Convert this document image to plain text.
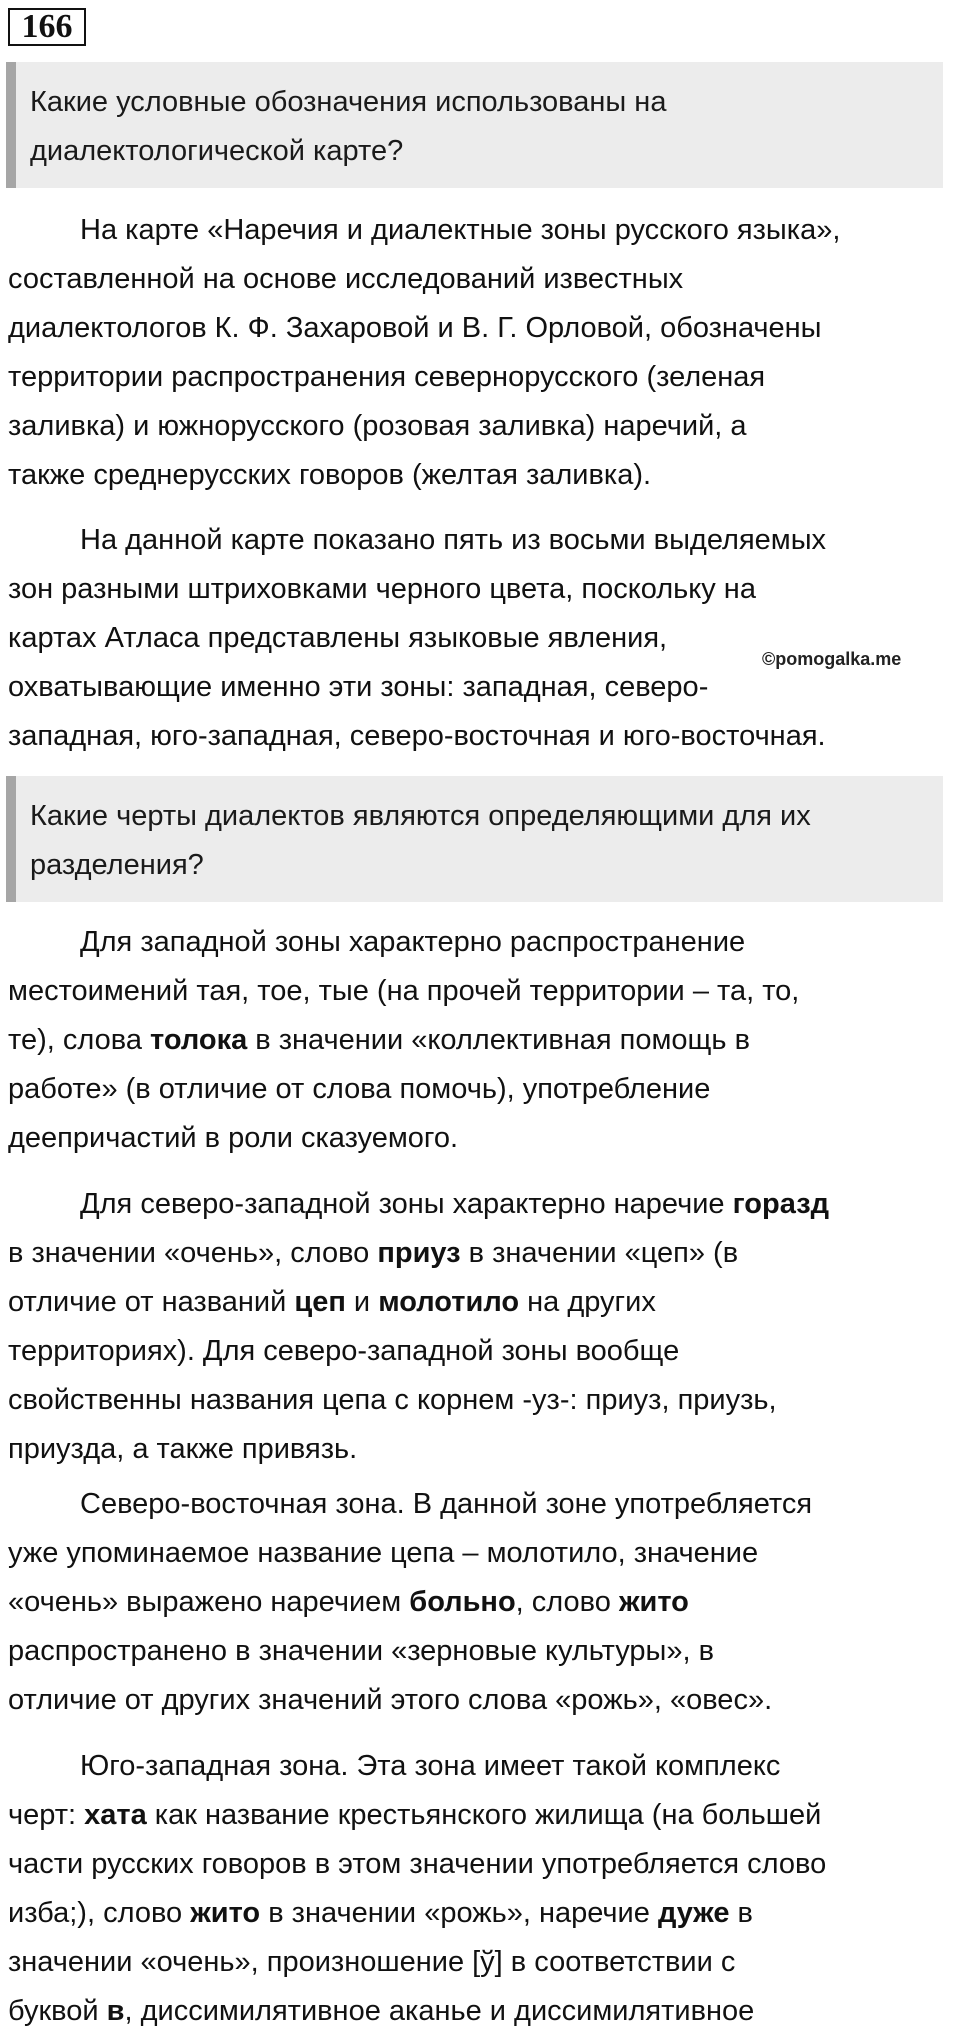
166
Какие условные обозначения использованы на
диалектологической карте?

На карте «Наречия и диалектные зоны русского языка»,

составленной на основе исследований известных

диалектологов К. Ф. Захаровой и В. Г. Орловой, обозначены

территории распространения севернорусского (зеленая

заливка) и южнорусского (розовая заливка) наречий, а

также среднерусских говоров (желтая заливка).

На данной карте показано пять из восьми выделяемых

зон разными штриховками черного цвета, поскольку на

картах Атласа представлены языковые явления,

охватывающие именно эти зоны: западная, северо-

западная, юго-западная, северо-восточная и юго-восточная.

©pomogalka.me
Какие черты диалектов являются определяющими для их
разделения?

Для западной зоны характерно распространение

местоимений тая, тое, тые (на прочей территории – та, то,

те), слова толока в значении «коллективная помощь в

работе» (в отличие от слова помочь), употребление

деепричастий в роли сказуемого.

Для северо-западной зоны характерно наречие горазд

в значении «очень», слово приуз в значении «цеп» (в

отличие от названий цеп и молотило на других

территориях). Для северо-западной зоны вообще

свойственны названия цепа с корнем -уз-: приуз, приузь,

приузда, а также привязь.

Северо-восточная зона. В данной зоне употребляется

уже упоминаемое название цепа – молотило, значение

«очень» выражено наречием больно, слово жито

распространено в значении «зерновые культуры», в

отличие от других значений этого слова «рожь», «овес».

Юго-западная зона. Эта зона имеет такой комплекс

черт: хата как название крестьянского жилища (на большей

части русских говоров в этом значении употребляется слово

изба;), слово жито в значении «рожь», наречие дуже в

значении «очень», произношение [ў] в соответствии с

буквой в, диссимилятивное аканье и диссимилятивное
